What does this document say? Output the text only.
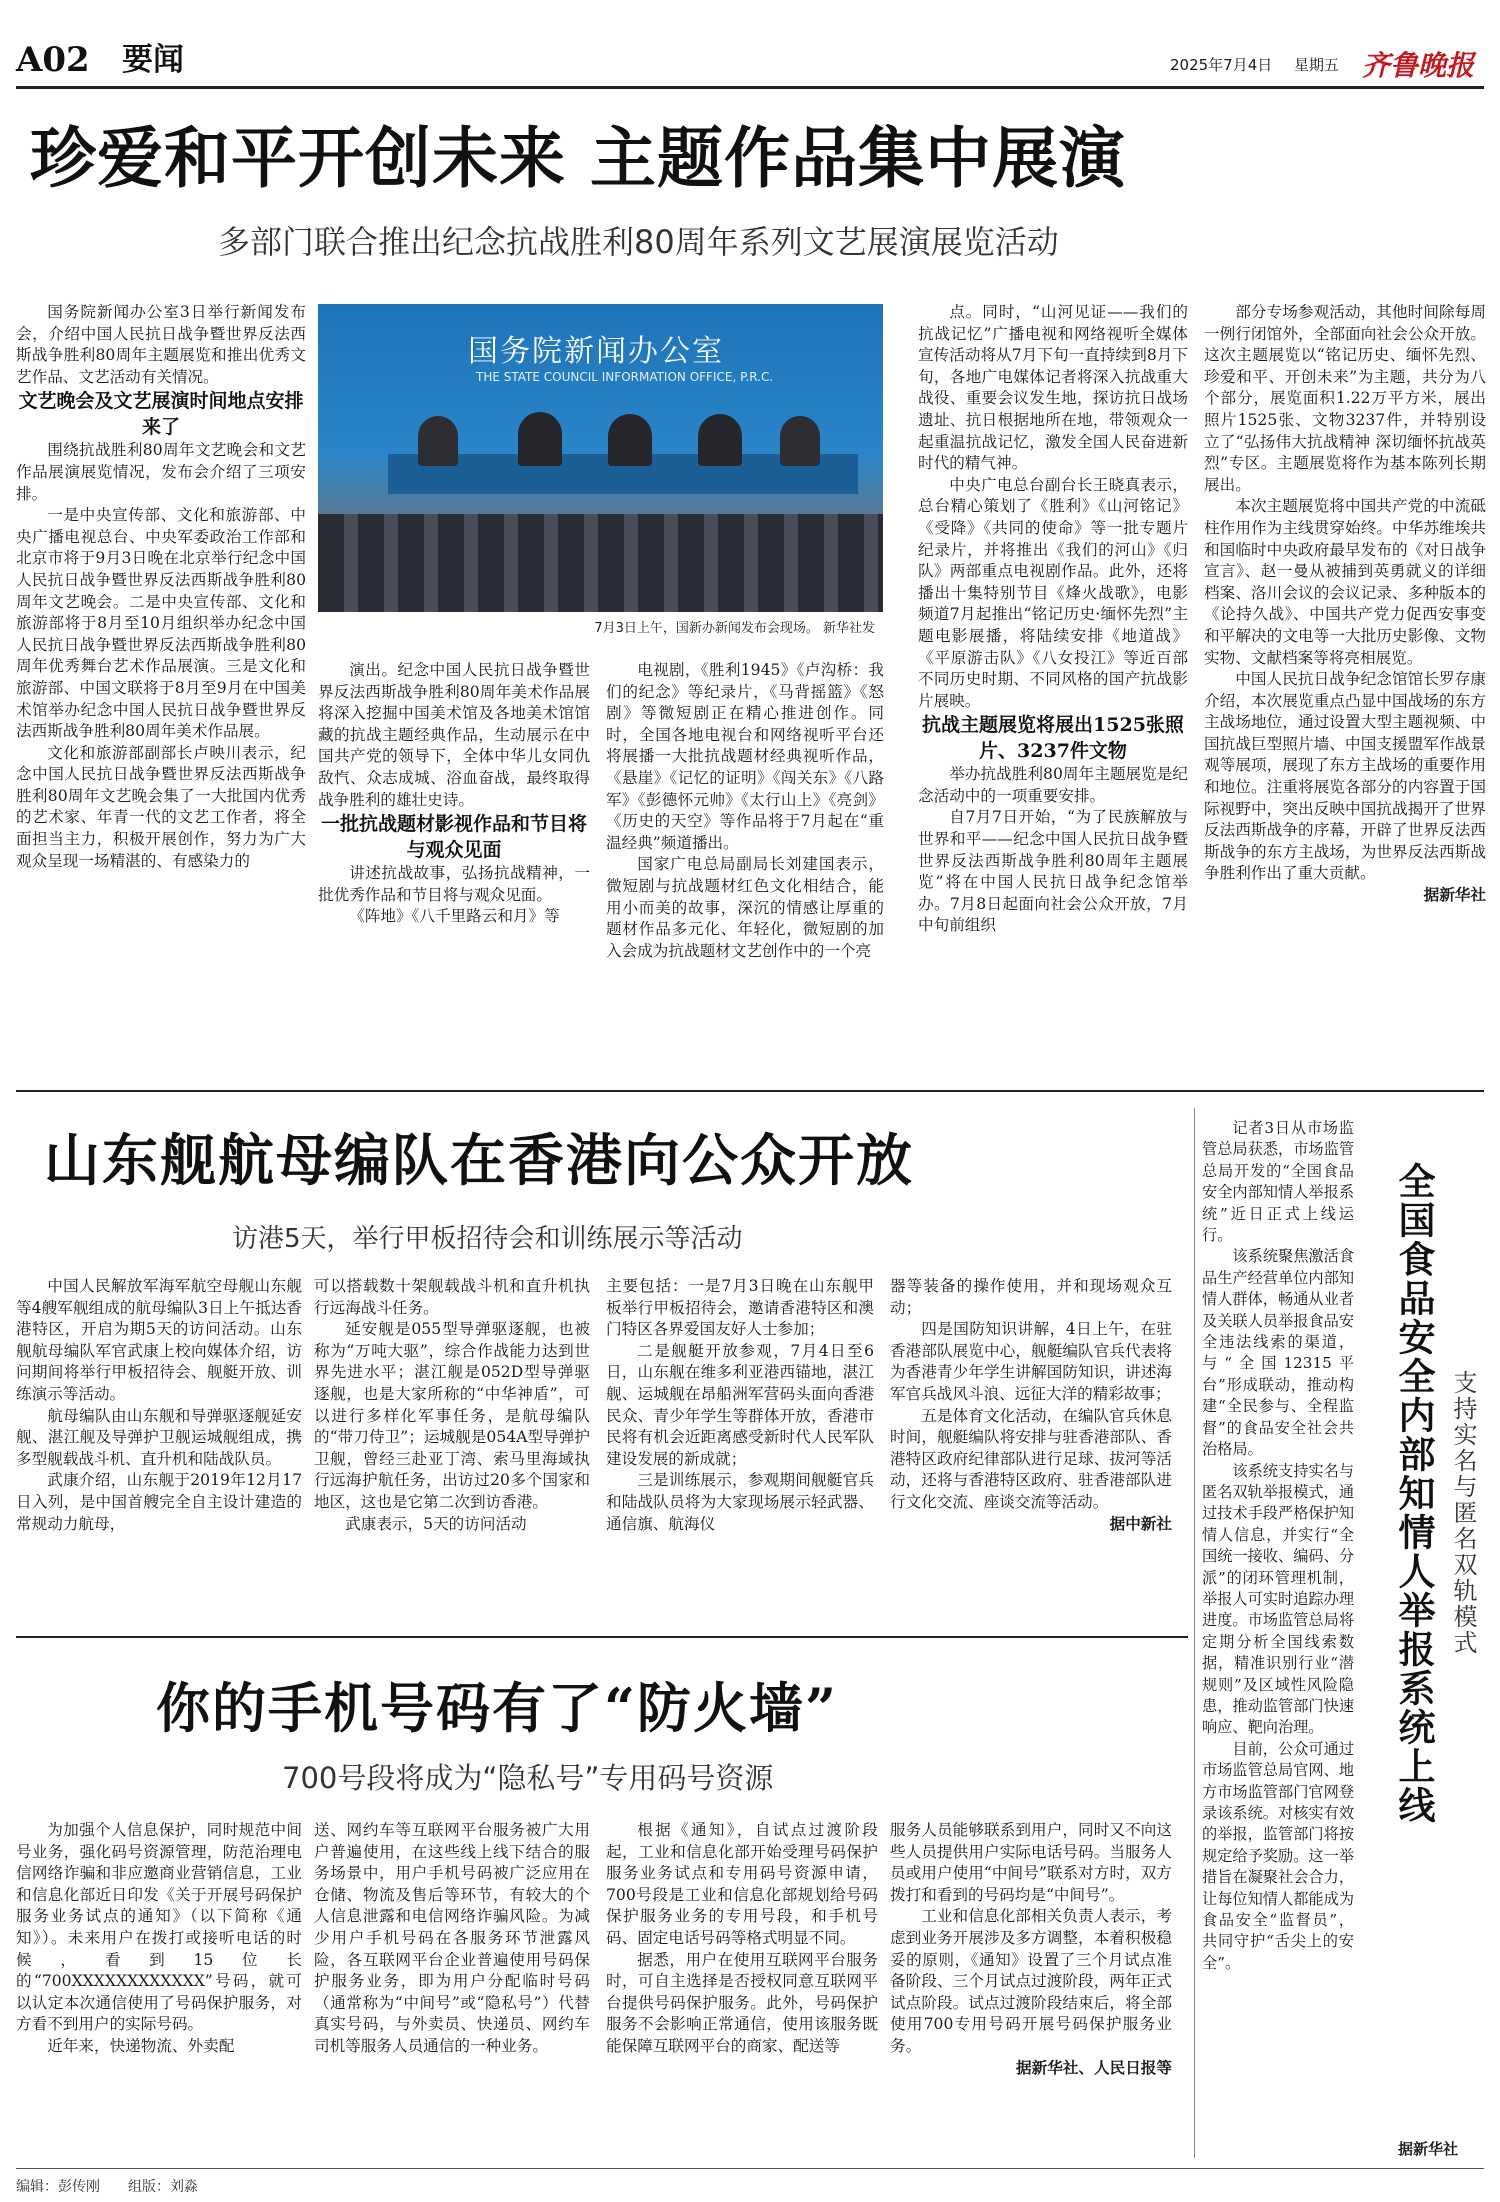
A02 要闻	2025年7月4日 星期五 齐鲁晚报
珍爱和平开创未来 主题作品集中展演
多部门联合推出纪念抗战胜利80周年系列文艺展演展览活动
国务院新闻办公室
THE STATE COUNCIL INFORMATION OFFICE, P.R.C.
7月3日上午，国新办新闻发布会现场。 新华社发

国务院新闻办公室3日举行新闻发布会，介绍中国人民抗日战争暨世界反法西斯战争胜利80周年主题展览和推出优秀文艺作品、文艺活动有关情况。

文艺晚会及文艺展演时间地点安排来了

围绕抗战胜利80周年文艺晚会和文艺作品展演展览情况，发布会介绍了三项安排。

一是中央宣传部、文化和旅游部、中央广播电视总台、中央军委政治工作部和北京市将于9月3日晚在北京举行纪念中国人民抗日战争暨世界反法西斯战争胜利80周年文艺晚会。二是中央宣传部、文化和旅游部将于8月至10月组织举办纪念中国人民抗日战争暨世界反法西斯战争胜利80周年优秀舞台艺术作品展演。三是文化和旅游部、中国文联将于8月至9月在中国美术馆举办纪念中国人民抗日战争暨世界反法西斯战争胜利80周年美术作品展。

文化和旅游部副部长卢映川表示，纪念中国人民抗日战争暨世界反法西斯战争胜利80周年文艺晚会集了一大批国内优秀的艺术家、年青一代的文艺工作者，将全面担当主力，积极开展创作，努力为广大观众呈现一场精湛的、有感染力的

演出。纪念中国人民抗日战争暨世界反法西斯战争胜利80周年美术作品展将深入挖掘中国美术馆及各地美术馆馆藏的抗战主题经典作品，生动展示在中国共产党的领导下，全体中华儿女同仇敌忾、众志成城、浴血奋战，最终取得战争胜利的雄壮史诗。

一批抗战题材影视作品和节目将与观众见面

讲述抗战故事，弘扬抗战精神，一批优秀作品和节目将与观众见面。

《阵地》《八千里路云和月》等

电视剧，《胜利1945》《卢沟桥：我们的纪念》等纪录片，《马背摇篮》《怒剧》等微短剧正在精心推进创作。同时，全国各地电视台和网络视听平台还将展播一大批抗战题材经典视听作品，《悬崖》《记忆的证明》《闯关东》《八路军》《彭德怀元帅》《太行山上》《亮剑》《历史的天空》等作品将于7月起在“重温经典”频道播出。

国家广电总局副局长刘建国表示，微短剧与抗战题材红色文化相结合，能用小而美的故事，深沉的情感让厚重的题材作品多元化、年轻化，微短剧的加入会成为抗战题材文艺创作中的一个亮

点。同时，“山河见证——我们的抗战记忆”广播电视和网络视听全媒体宣传活动将从7月下旬一直持续到8月下旬，各地广电媒体记者将深入抗战重大战役、重要会议发生地，探访抗日战场遗址、抗日根据地所在地，带领观众一起重温抗战记忆，激发全国人民奋进新时代的精气神。

中央广电总台副台长王晓真表示，总台精心策划了《胜利》《山河铭记》《受降》《共同的使命》等一批专题片纪录片，并将推出《我们的河山》《归队》两部重点电视剧作品。此外，还将播出十集特别节目《烽火战歌》，电影频道7月起推出“铭记历史·缅怀先烈”主题电影展播，将陆续安排《地道战》《平原游击队》《八女投江》等近百部不同历史时期、不同风格的国产抗战影片展映。

抗战主题展览将展出1525张照片、3237件文物

举办抗战胜利80周年主题展览是纪念活动中的一项重要安排。

自7月7日开始，“为了民族解放与世界和平——纪念中国人民抗日战争暨世界反法西斯战争胜利80周年主题展览”将在中国人民抗日战争纪念馆举办。7月8日起面向社会公众开放，7月中旬前组织

部分专场参观活动，其他时间除每周一例行闭馆外，全部面向社会公众开放。这次主题展览以“铭记历史、缅怀先烈、珍爱和平、开创未来”为主题，共分为八个部分，展览面积1.22万平方米，展出照片1525张、文物3237件，并特别设立了“弘扬伟大抗战精神 深切缅怀抗战英烈”专区。主题展览将作为基本陈列长期展出。

本次主题展览将中国共产党的中流砥柱作用作为主线贯穿始终。中华苏维埃共和国临时中央政府最早发布的《对日战争宣言》、赵一曼从被捕到英勇就义的详细档案、洛川会议的会议记录、多种版本的《论持久战》、中国共产党力促西安事变和平解决的文电等一大批历史影像、文物实物、文献档案等将亮相展览。

中国人民抗日战争纪念馆馆长罗存康介绍，本次展览重点凸显中国战场的东方主战场地位，通过设置大型主题视频、中国抗战巨型照片墙、中国支援盟军作战景观等展项，展现了东方主战场的重要作用和地位。注重将展览各部分的内容置于国际视野中，突出反映中国抗战揭开了世界反法西斯战争的序幕，开辟了世界反法西斯战争的东方主战场，为世界反法西斯战争胜利作出了重大贡献。

据新华社

山东舰航母编队在香港向公众开放
访港5天，举行甲板招待会和训练展示等活动

中国人民解放军海军航空母舰山东舰等4艘军舰组成的航母编队3日上午抵达香港特区，开启为期5天的访问活动。山东舰航母编队军官武康上校向媒体介绍，访问期间将举行甲板招待会、舰艇开放、训练演示等活动。

航母编队由山东舰和导弹驱逐舰延安舰、湛江舰及导弹护卫舰运城舰组成，携多型舰载战斗机、直升机和陆战队员。

武康介绍，山东舰于2019年12月17日入列，是中国首艘完全自主设计建造的常规动力航母，

可以搭载数十架舰载战斗机和直升机执行远海战斗任务。

延安舰是055型导弹驱逐舰，也被称为“万吨大驱”，综合作战能力达到世界先进水平；湛江舰是052D型导弹驱逐舰，也是大家所称的“中华神盾”，可以进行多样化军事任务，是航母编队的“带刀侍卫”；运城舰是054A型导弹护卫舰，曾经三赴亚丁湾、索马里海域执行远海护航任务，出访过20多个国家和地区，这也是它第二次到访香港。

武康表示，5天的访问活动

主要包括：一是7月3日晚在山东舰甲板举行甲板招待会，邀请香港特区和澳门特区各界爱国友好人士参加；

二是舰艇开放参观，7月4日至6日，山东舰在维多利亚港西锚地，湛江舰、运城舰在昂船洲军营码头面向香港民众、青少年学生等群体开放，香港市民将有机会近距离感受新时代人民军队建设发展的新成就；

三是训练展示，参观期间舰艇官兵和陆战队员将为大家现场展示轻武器、通信旗、航海仪

器等装备的操作使用，并和现场观众互动；

四是国防知识讲解，4日上午，在驻香港部队展览中心，舰艇编队官兵代表将为香港青少年学生讲解国防知识，讲述海军官兵战风斗浪、远征大洋的精彩故事；

五是体育文化活动，在编队官兵休息时间，舰艇编队将安排与驻香港部队、香港特区政府纪律部队进行足球、拔河等活动，还将与香港特区政府、驻香港部队进行文化交流、座谈交流等活动。

据中新社

你的手机号码有了“防火墙”
700号段将成为“隐私号”专用码号资源

为加强个人信息保护，同时规范中间号业务，强化码号资源管理，防范治理电信网络诈骗和非应邀商业营销信息，工业和信息化部近日印发《关于开展号码保护服务业务试点的通知》（以下简称《通知》）。未来用户在拨打或接听电话的时候，看到15位长的“700XXXXXXXXXXXX”号码，就可以认定本次通信使用了号码保护服务，对方看不到用户的实际号码。

近年来，快递物流、外卖配

送、网约车等互联网平台服务被广大用户普遍使用，在这些线上线下结合的服务场景中，用户手机号码被广泛应用在仓储、物流及售后等环节，有较大的个人信息泄露和电信网络诈骗风险。为减少用户手机号码在各服务环节泄露风险，各互联网平台企业普遍使用号码保护服务业务，即为用户分配临时号码（通常称为“中间号”或“隐私号”）代替真实号码，与外卖员、快递员、网约车司机等服务人员通信的一种业务。

根据《通知》，自试点过渡阶段起，工业和信息化部开始受理号码保护服务业务试点和专用码号资源申请，700号段是工业和信息化部规划给号码保护服务业务的专用号段，和手机号码、固定电话号码等格式明显不同。

据悉，用户在使用互联网平台服务时，可自主选择是否授权同意互联网平台提供号码保护服务。此外，号码保护服务不会影响正常通信，使用该服务既能保障互联网平台的商家、配送等

服务人员能够联系到用户，同时又不向这些人员提供用户实际电话号码。当服务人员或用户使用“中间号”联系对方时，双方拨打和看到的号码均是“中间号”。

工业和信息化部相关负责人表示，考虑到业务开展涉及多方调整，本着积极稳妥的原则，《通知》设置了三个月试点准备阶段、三个月试点过渡阶段，两年正式试点阶段。试点过渡阶段结束后，将全部使用700专用号码开展号码保护服务业务。

据新华社、人民日报等

记者3日从市场监管总局获悉，市场监管总局开发的“全国食品安全内部知情人举报系统”近日正式上线运行。

该系统聚焦激活食品生产经营单位内部知情人群体，畅通从业者及关联人员举报食品安全违法线索的渠道，与“全国12315平台”形成联动，推动构建“全民参与、全程监督”的食品安全社会共治格局。

该系统支持实名与匿名双轨举报模式，通过技术手段严格保护知情人信息，并实行“全国统一接收、编码、分派”的闭环管理机制，举报人可实时追踪办理进度。市场监管总局将定期分析全国线索数据，精准识别行业“潜规则”及区域性风险隐患，推动监管部门快速响应、靶向治理。

目前，公众可通过市场监管总局官网、地方市场监管部门官网登录该系统。对核实有效的举报，监管部门将按规定给予奖励。这一举措旨在凝聚社会合力，让每位知情人都能成为食品安全“监督员”，共同守护“舌尖上的安全”。

全国食品安全内部知情人举报系统上线 支持实名与匿名双轨模式
据新华社
编辑：彭传刚 组版：刘淼
